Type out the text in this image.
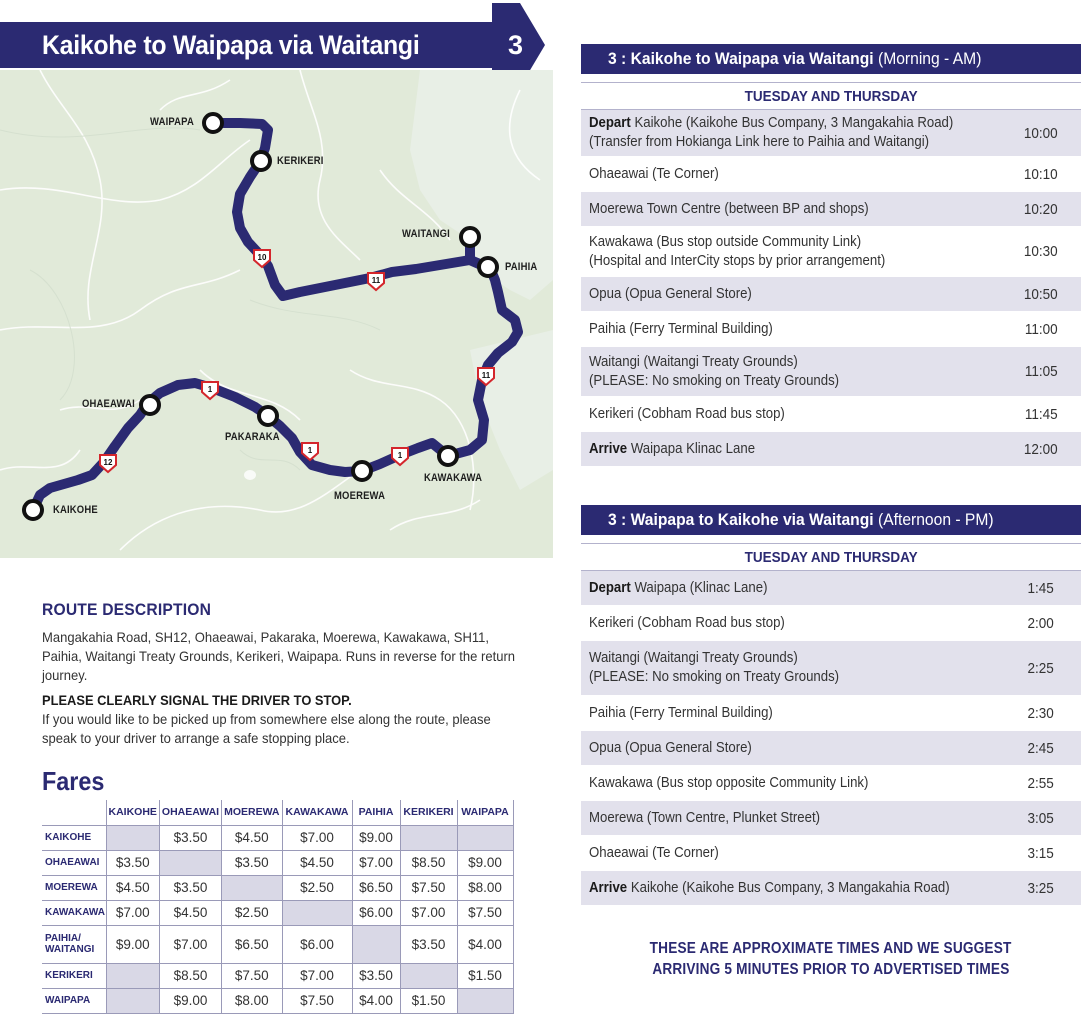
Kaikohe to Waipapa via Waitangi	3
10
11
11
1
1
1
12
WAIPAPA
KERIKERI
WAITANGI
PAIHIA
OHAEAWAI
PAKARAKA
MOEREWA
KAWAKAWA
KAIKOHE
ROUTE DESCRIPTION
Mangakahia Road, SH12, Ohaeawai, Pakaraka, Moerewa, Kawakawa, SH11, Paihia, Waitangi Treaty Grounds, Kerikeri, Waipapa. Runs in reverse for the return journey.
PLEASE CLEARLY SIGNAL THE DRIVER TO STOP.
If you would like to be picked up from somewhere else along the route, please speak to your driver to arrange a safe stopping place.
Fares
	KAIKOHE	OHAEAWAI	MOEREWA	KAWAKAWA	PAIHIA	KERIKERI	WAIPAPA
KAIKOHE		$3.50	$4.50	$7.00	$9.00		
OHAEAWAI	$3.50		$3.50	$4.50	$7.00	$8.50	$9.00
MOEREWA	$4.50	$3.50		$2.50	$6.50	$7.50	$8.00
KAWAKAWA	$7.00	$4.50	$2.50		$6.00	$7.00	$7.50
PAIHIA/
WAITANGI	$9.00	$7.00	$6.50	$6.00		$3.50	$4.00
KERIKERI		$8.50	$7.50	$7.00	$3.50		$1.50
WAIPAPA		$9.00	$8.00	$7.50	$4.00	$1.50	
3 : Kaikohe to Waipapa via Waitangi (Morning - AM)
TUESDAY AND THURSDAY
Depart Kaikohe (Kaikohe Bus Company, 3 Mangakahia Road)
(Transfer from Hokianga Link here to Paihia and Waitangi)
10:00
Ohaeawai (Te Corner)	10:10
Moerewa Town Centre (between BP and shops)	10:20
Kawakawa (Bus stop outside Community Link)
(Hospital and InterCity stops by prior arrangement)
10:30
Opua (Opua General Store)	10:50
Paihia (Ferry Terminal Building)	11:00
Waitangi (Waitangi Treaty Grounds)
(PLEASE: No smoking on Treaty Grounds)
11:05
Kerikeri (Cobham Road bus stop)	11:45
Arrive Waipapa Klinac Lane	12:00
3 : Waipapa to Kaikohe via Waitangi (Afternoon - PM)
TUESDAY AND THURSDAY
Depart Waipapa (Klinac Lane)	1:45
Kerikeri (Cobham Road bus stop)	2:00
Waitangi (Waitangi Treaty Grounds)
(PLEASE: No smoking on Treaty Grounds)
2:25
Paihia (Ferry Terminal Building)	2:30
Opua (Opua General Store)	2:45
Kawakawa (Bus stop opposite Community Link)	2:55
Moerewa (Town Centre, Plunket Street)	3:05
Ohaeawai (Te Corner)	3:15
Arrive Kaikohe (Kaikohe Bus Company, 3 Mangakahia Road)	3:25
THESE ARE APPROXIMATE TIMES AND WE SUGGEST
ARRIVING 5 MINUTES PRIOR TO ADVERTISED TIMES
